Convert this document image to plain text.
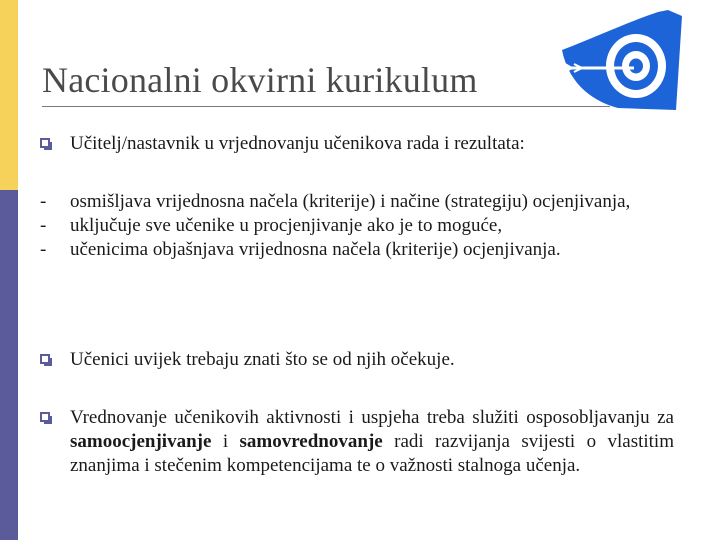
Nacionalni okvirni kurikulum
Učitelj/nastavnik u vrjednovanju učenikova rada i rezultata:
- osmišljava vrijednosna načela (kriterije) i načine (strategiju) ocjenjivanja,
- uključuje sve učenike u procjenjivanje ako je to moguće,
- učenicima objašnjava vrijednosna načela (kriterije) ocjenjivanja.
Učenici uvijek trebaju znati što se od njih očekuje.
Vrednovanje učenikovih aktivnosti i uspjeha treba služiti osposobljavanju za samoocjenjivanje i samovrednovanje radi razvijanja svijesti o vlastitim znanjima i stečenim kompetencijama te o važnosti stalnoga učenja.
